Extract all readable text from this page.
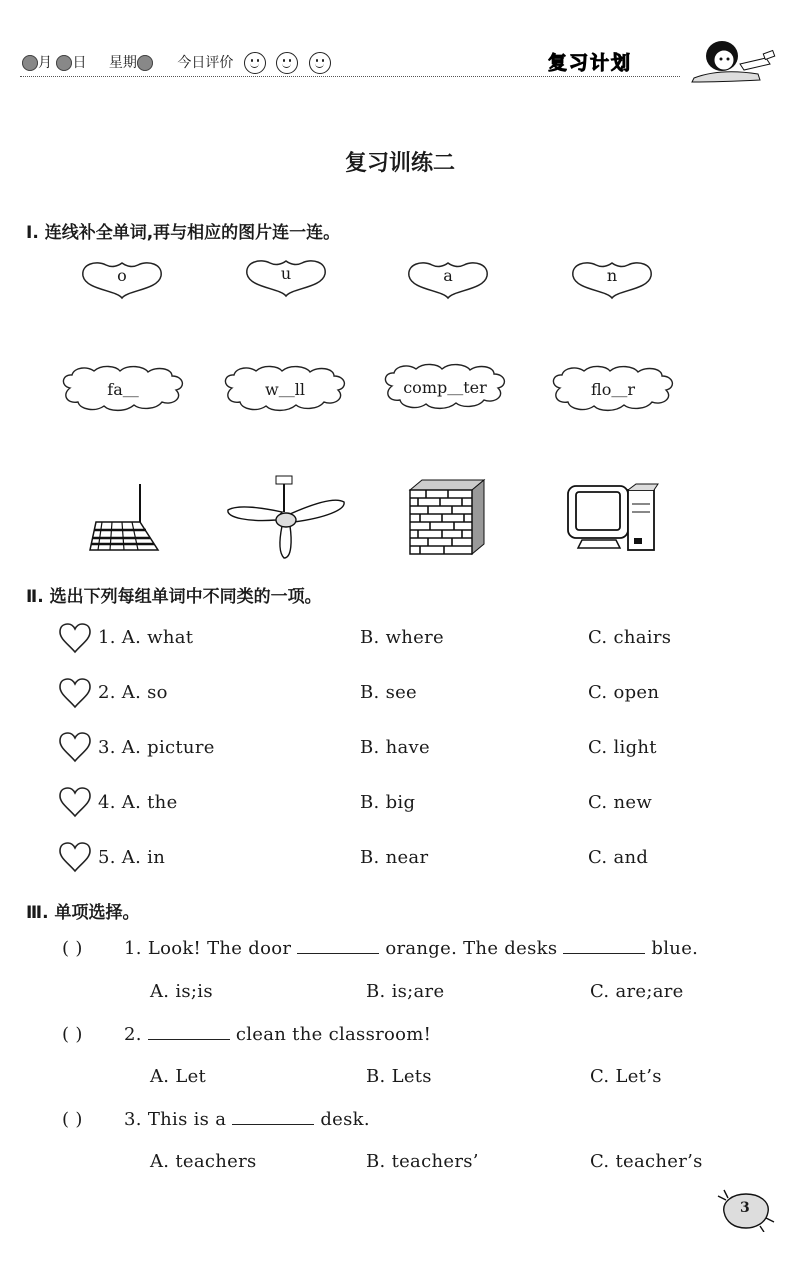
月 日 星期	今日评价

	复习计划
复习训练二
Ⅰ. 连线补全单词,再与相应的图片连一连。
o	u	a	n
fa＿	w＿ll	comp＿ter	flo＿r
Ⅱ. 选出下列每组单词中不同类的一项。
1. A. what	B. where	C. chairs
2. A. so	B. see	C. open
3. A. picture	B. have	C. light
4. A. the	B. big	C. new
5. A. in	B. near	C. and
Ⅲ. 单项选择。
( ) 1. Look! The door	orange. The desks	blue.
A. is;is	B. is;are	C. are;are
( ) 2.	clean the classroom!
A. Let	B. Lets	C. Let’s
( ) 3. This is a	desk.
A. teachers	B. teachers’	C. teacher’s
3
